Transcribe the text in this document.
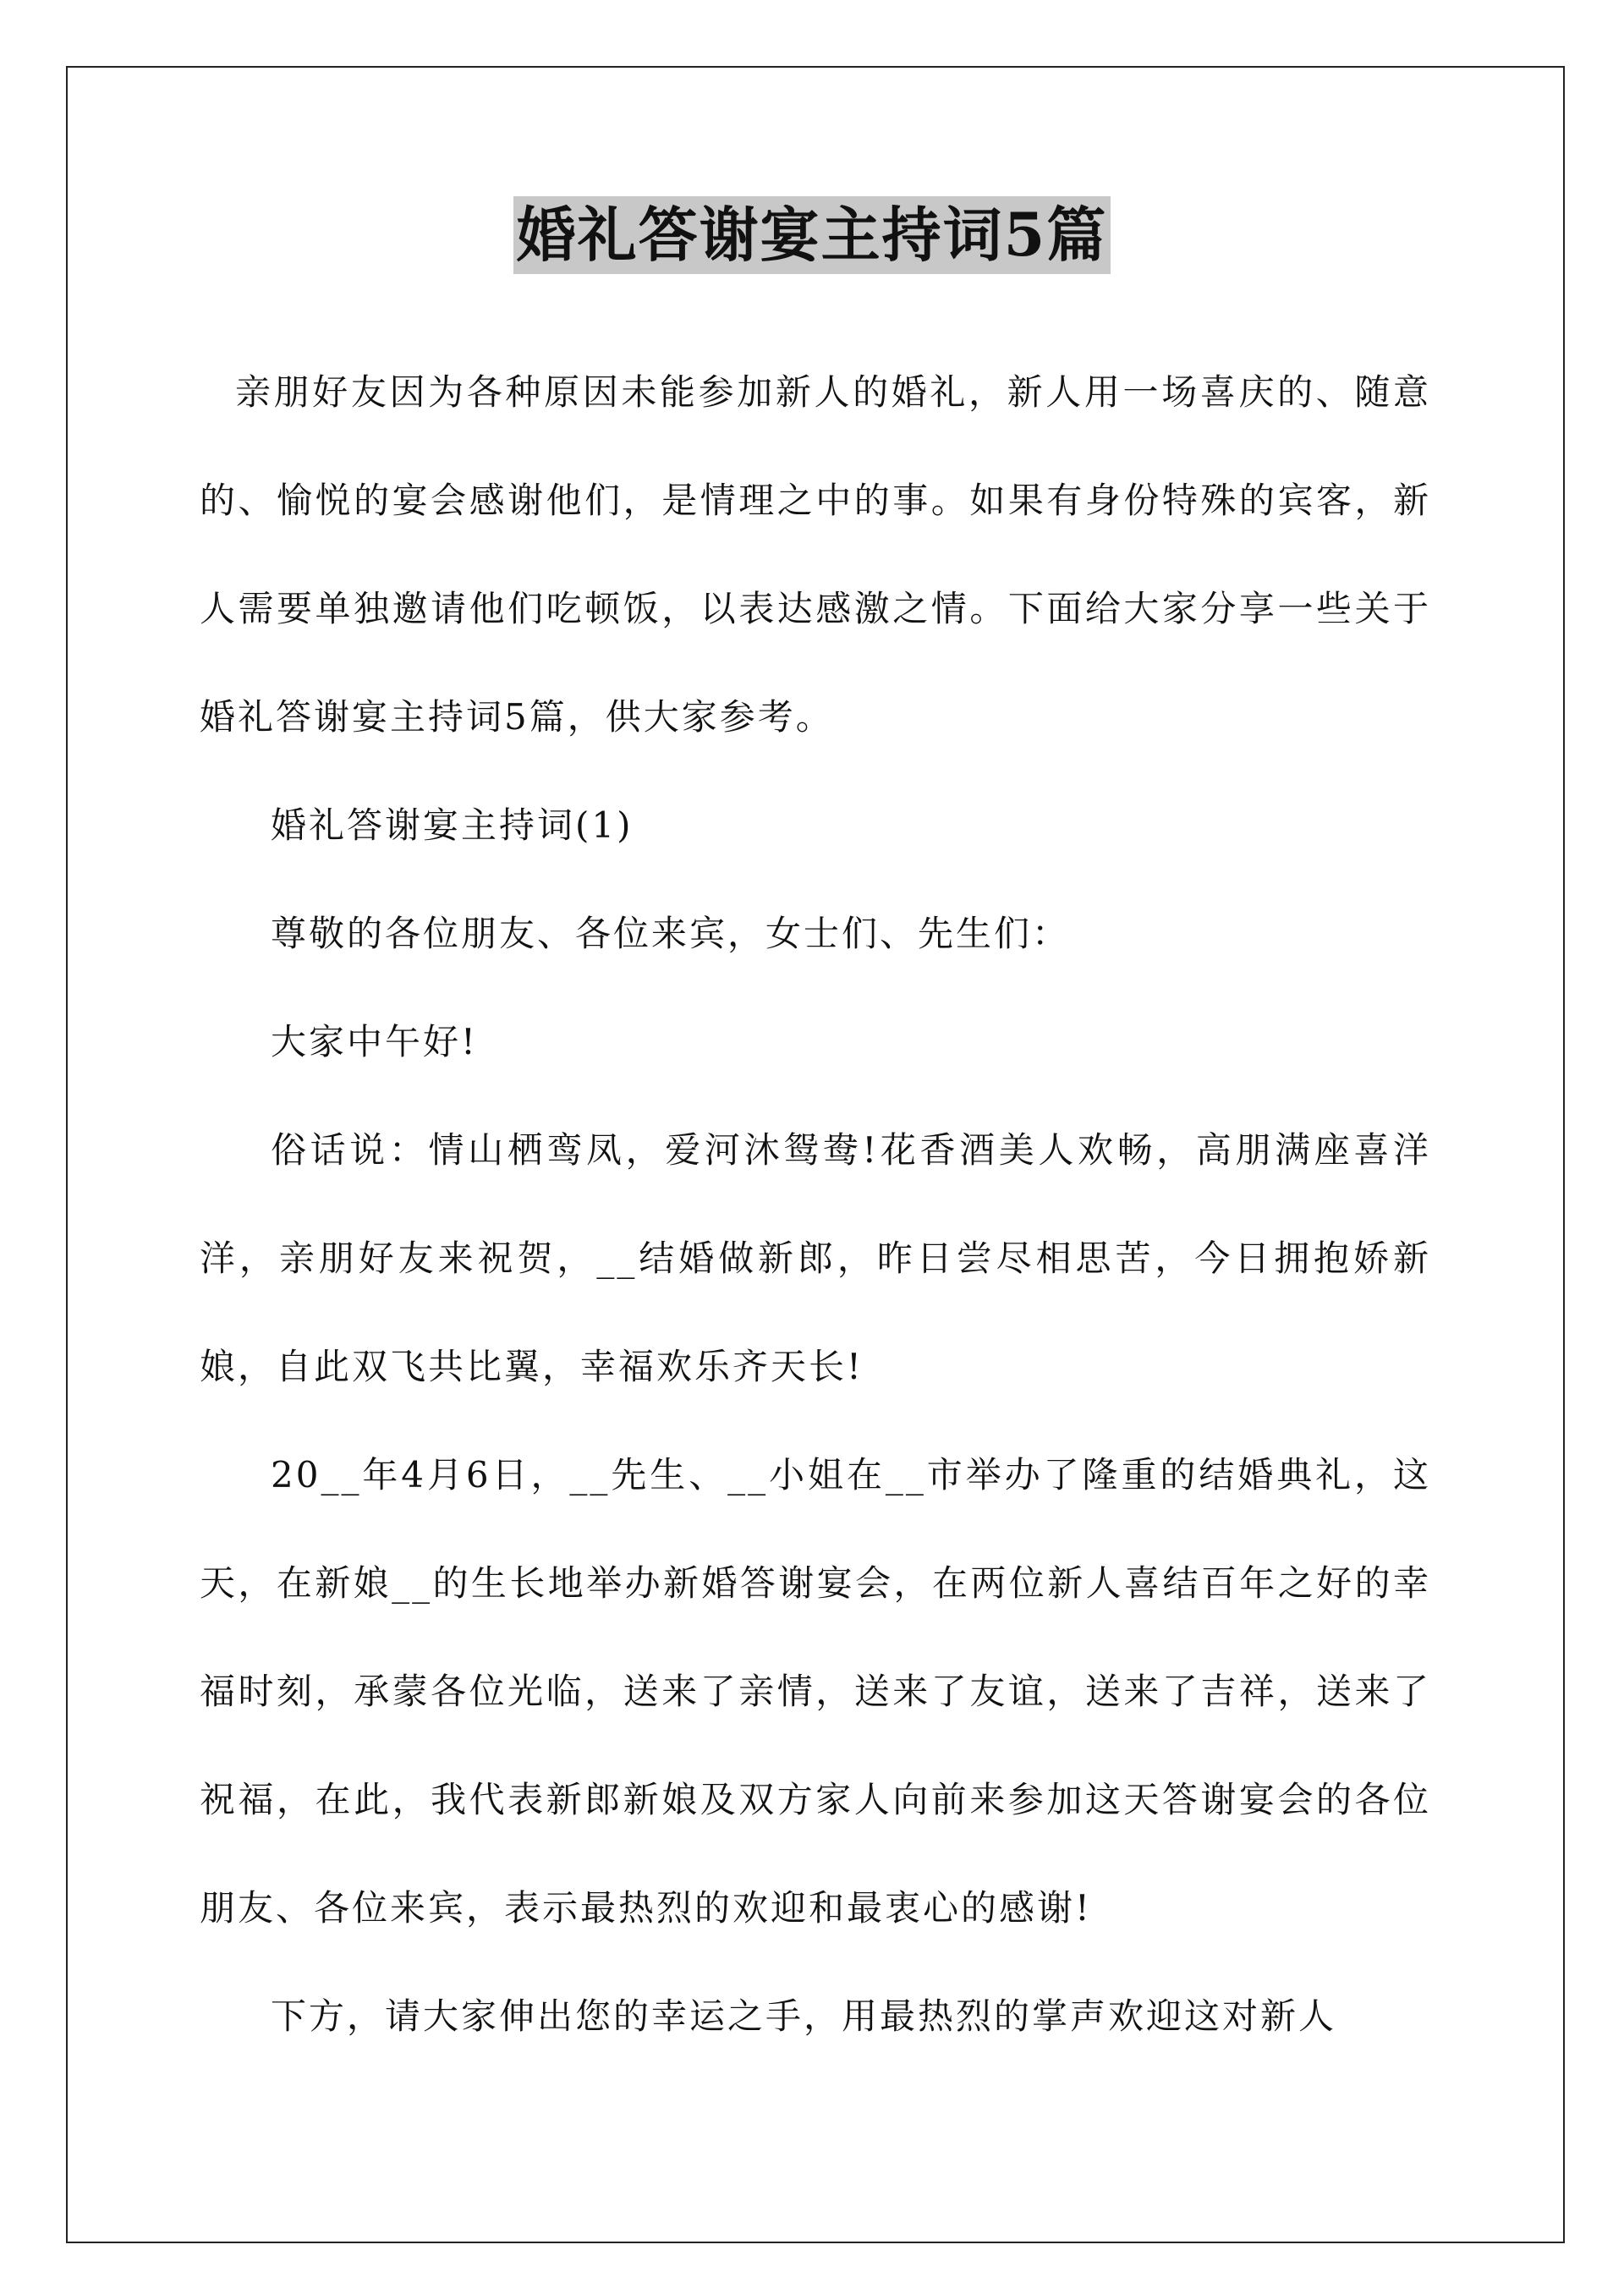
婚礼答谢宴主持词5篇

亲朋好友因为各种原因未能参加新人的婚礼，新人用一场喜庆的、随意的、愉悦的宴会感谢他们，是情理之中的事。如果有身份特殊的宾客，新人需要单独邀请他们吃顿饭，以表达感激之情。下面给大家分享一些关于婚礼答谢宴主持词5篇，供大家参考。

婚礼答谢宴主持词(1)

尊敬的各位朋友、各位来宾，女士们、先生们：

大家中午好!

俗话说：情山栖鸾凤，爱河沐鸳鸯!花香酒美人欢畅，高朋满座喜洋洋，亲朋好友来祝贺，__结婚做新郎，昨日尝尽相思苦，今日拥抱娇新娘，自此双飞共比翼，幸福欢乐齐天长!

20__年4月6日，__先生、__小姐在__市举办了隆重的结婚典礼，这天，在新娘__的生长地举办新婚答谢宴会，在两位新人喜结百年之好的幸福时刻，承蒙各位光临，送来了亲情，送来了友谊，送来了吉祥，送来了祝福，在此，我代表新郎新娘及双方家人向前来参加这天答谢宴会的各位朋友、各位来宾，表示最热烈的欢迎和最衷心的感谢!

下方，请大家伸出您的幸运之手，用最热烈的掌声欢迎这对新人
